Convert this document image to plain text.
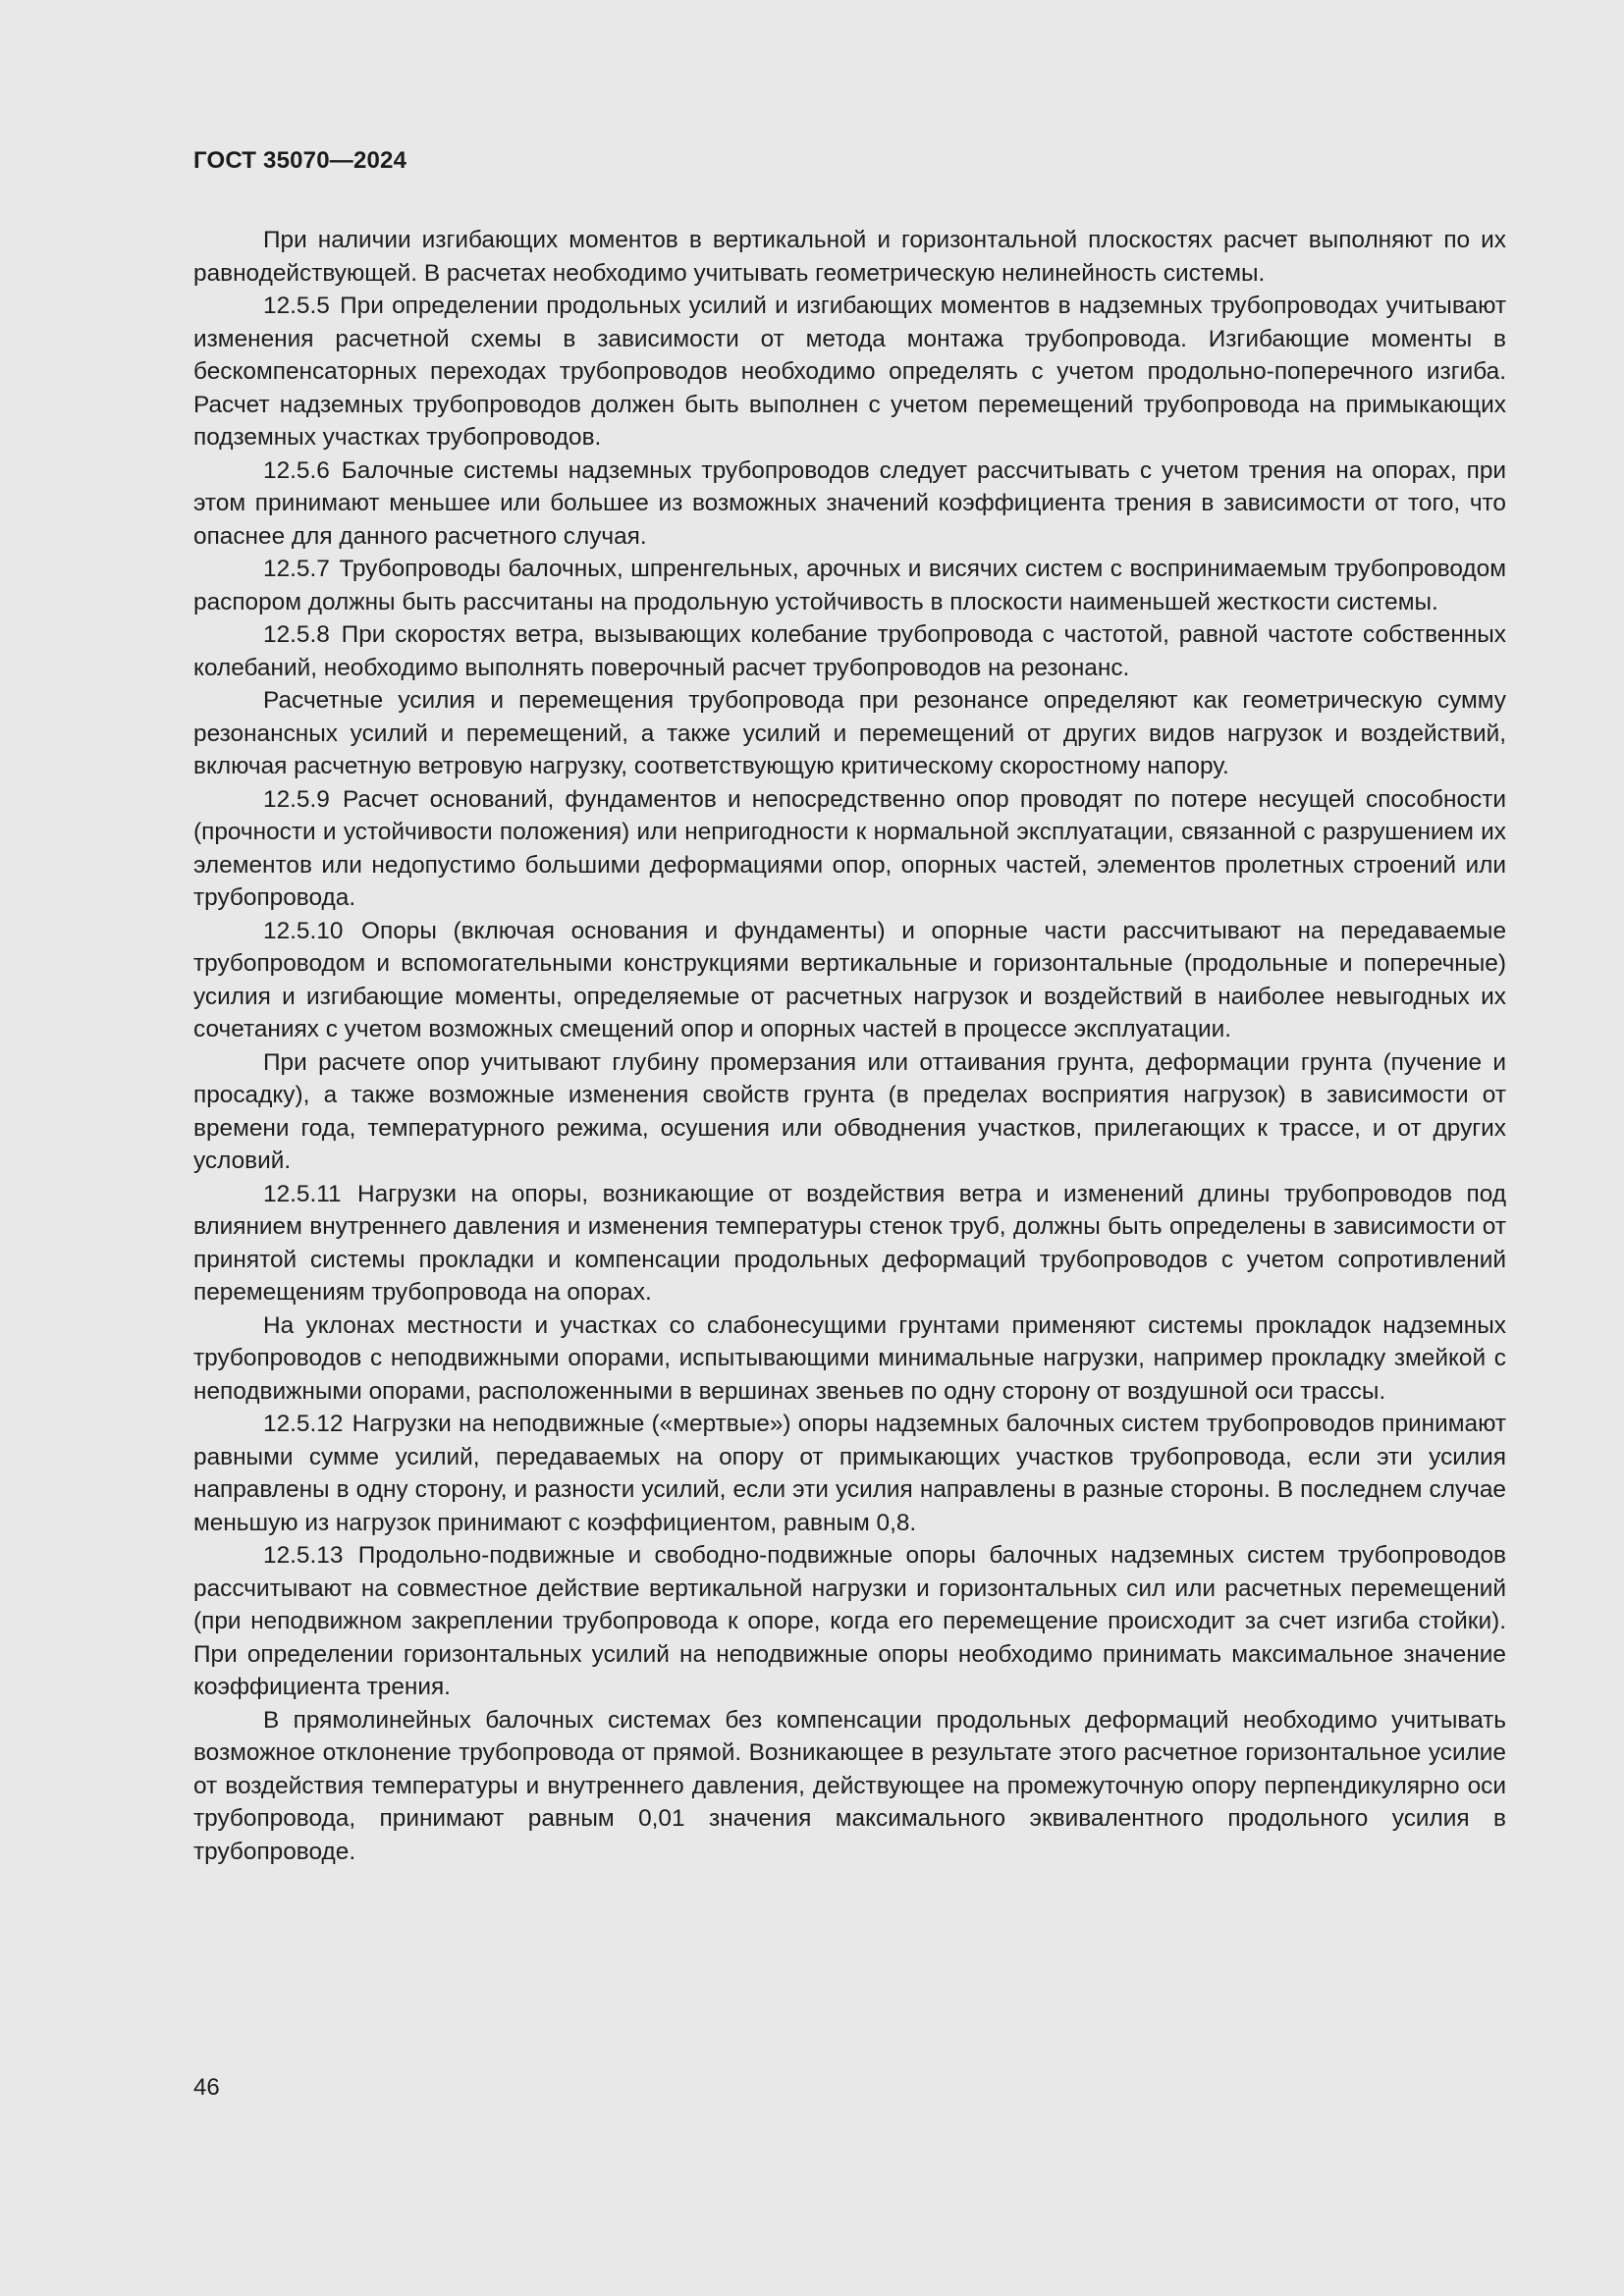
ГОСТ 35070—2024

При наличии изгибающих моментов в вертикальной и горизонтальной плоскостях расчет выполняют по их равнодействующей. В расчетах необходимо учитывать геометрическую нелинейность системы.

12.5.5 При определении продольных усилий и изгибающих моментов в надземных трубопроводах учитывают изменения расчетной схемы в зависимости от метода монтажа трубопровода. Изгибающие моменты в бескомпенсаторных переходах трубопроводов необходимо определять с учетом продольно-поперечного изгиба. Расчет надземных трубопроводов должен быть выполнен с учетом перемещений трубопровода на примыкающих подземных участках трубопроводов.

12.5.6 Балочные системы надземных трубопроводов следует рассчитывать с учетом трения на опорах, при этом принимают меньшее или большее из возможных значений коэффициента трения в зависимости от того, что опаснее для данного расчетного случая.

12.5.7 Трубопроводы балочных, шпренгельных, арочных и висячих систем с воспринимаемым трубопроводом распором должны быть рассчитаны на продольную устойчивость в плоскости наименьшей жесткости системы.

12.5.8 При скоростях ветра, вызывающих колебание трубопровода с частотой, равной частоте собственных колебаний, необходимо выполнять поверочный расчет трубопроводов на резонанс.

Расчетные усилия и перемещения трубопровода при резонансе определяют как геометрическую сумму резонансных усилий и перемещений, а также усилий и перемещений от других видов нагрузок и воздействий, включая расчетную ветровую нагрузку, соответствующую критическому скоростному напору.

12.5.9 Расчет оснований, фундаментов и непосредственно опор проводят по потере несущей способности (прочности и устойчивости положения) или непригодности к нормальной эксплуатации, связанной с разрушением их элементов или недопустимо большими деформациями опор, опорных частей, элементов пролетных строений или трубопровода.

12.5.10 Опоры (включая основания и фундаменты) и опорные части рассчитывают на передаваемые трубопроводом и вспомогательными конструкциями вертикальные и горизонтальные (продольные и поперечные) усилия и изгибающие моменты, определяемые от расчетных нагрузок и воздействий в наиболее невыгодных их сочетаниях с учетом возможных смещений опор и опорных частей в процессе эксплуатации.

При расчете опор учитывают глубину промерзания или оттаивания грунта, деформации грунта (пучение и просадку), а также возможные изменения свойств грунта (в пределах восприятия нагрузок) в зависимости от времени года, температурного режима, осушения или обводнения участков, прилегающих к трассе, и от других условий.

12.5.11 Нагрузки на опоры, возникающие от воздействия ветра и изменений длины трубопроводов под влиянием внутреннего давления и изменения температуры стенок труб, должны быть определены в зависимости от принятой системы прокладки и компенсации продольных деформаций трубопроводов с учетом сопротивлений перемещениям трубопровода на опорах.

На уклонах местности и участках со слабонесущими грунтами применяют системы прокладок надземных трубопроводов с неподвижными опорами, испытывающими минимальные нагрузки, например прокладку змейкой с неподвижными опорами, расположенными в вершинах звеньев по одну сторону от воздушной оси трассы.

12.5.12 Нагрузки на неподвижные («мертвые») опоры надземных балочных систем трубопроводов принимают равными сумме усилий, передаваемых на опору от примыкающих участков трубопровода, если эти усилия направлены в одну сторону, и разности усилий, если эти усилия направлены в разные стороны. В последнем случае меньшую из нагрузок принимают с коэффициентом, равным 0,8.

12.5.13 Продольно-подвижные и свободно-подвижные опоры балочных надземных систем трубопроводов рассчитывают на совместное действие вертикальной нагрузки и горизонтальных сил или расчетных перемещений (при неподвижном закреплении трубопровода к опоре, когда его перемещение происходит за счет изгиба стойки). При определении горизонтальных усилий на неподвижные опоры необходимо принимать максимальное значение коэффициента трения.

В прямолинейных балочных системах без компенсации продольных деформаций необходимо учитывать возможное отклонение трубопровода от прямой. Возникающее в результате этого расчетное горизонтальное усилие от воздействия температуры и внутреннего давления, действующее на промежуточную опору перпендикулярно оси трубопровода, принимают равным 0,01 значения максимального эквивалентного продольного усилия в трубопроводе.

46
